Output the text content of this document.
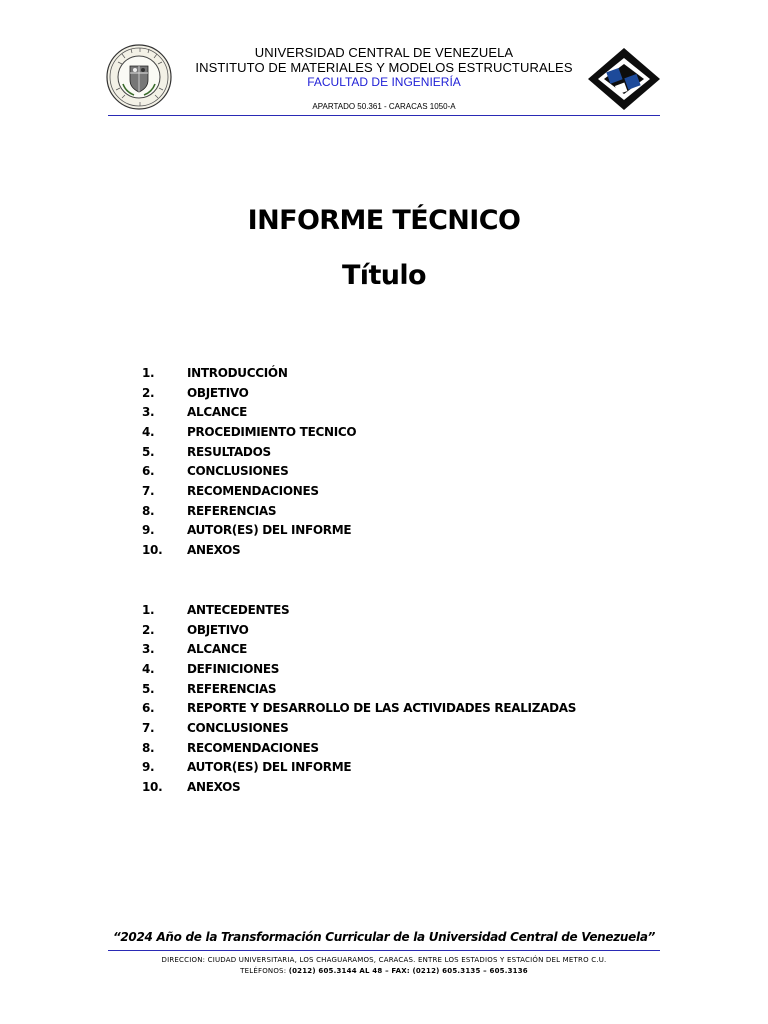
UNIVERSIDAD CENTRAL DE VENEZUELA
INSTITUTO DE MATERIALES Y MODELOS ESTRUCTURALES
FACULTAD DE INGENIERÍA
APARTADO 50.361 - CARACAS 1050-A
INFORME TÉCNICO
Título
1.	INTRODUCCIÓN
2.	OBJETIVO
3.	ALCANCE
4.	PROCEDIMIENTO TECNICO
5.	RESULTADOS
6.	CONCLUSIONES
7.	RECOMENDACIONES
8.	REFERENCIAS
9.	AUTOR(ES) DEL INFORME
10.	ANEXOS
1.	ANTECEDENTES
2.	OBJETIVO
3.	ALCANCE
4.	DEFINICIONES
5.	REFERENCIAS
6.	REPORTE Y DESARROLLO DE LAS ACTIVIDADES REALIZADAS
7.	CONCLUSIONES
8.	RECOMENDACIONES
9.	AUTOR(ES) DEL INFORME
10.	ANEXOS
“2024 Año de la Transformación Curricular de la Universidad Central de Venezuela”
DIRECCION: CIUDAD UNIVERSITARIA, LOS CHAGUARAMOS, CARACAS. ENTRE LOS ESTADIOS Y ESTACIÓN DEL METRO C.U.
TELÉFONOS: (0212) 605.3144 AL 48 – FAX: (0212) 605.3135 – 605.3136
